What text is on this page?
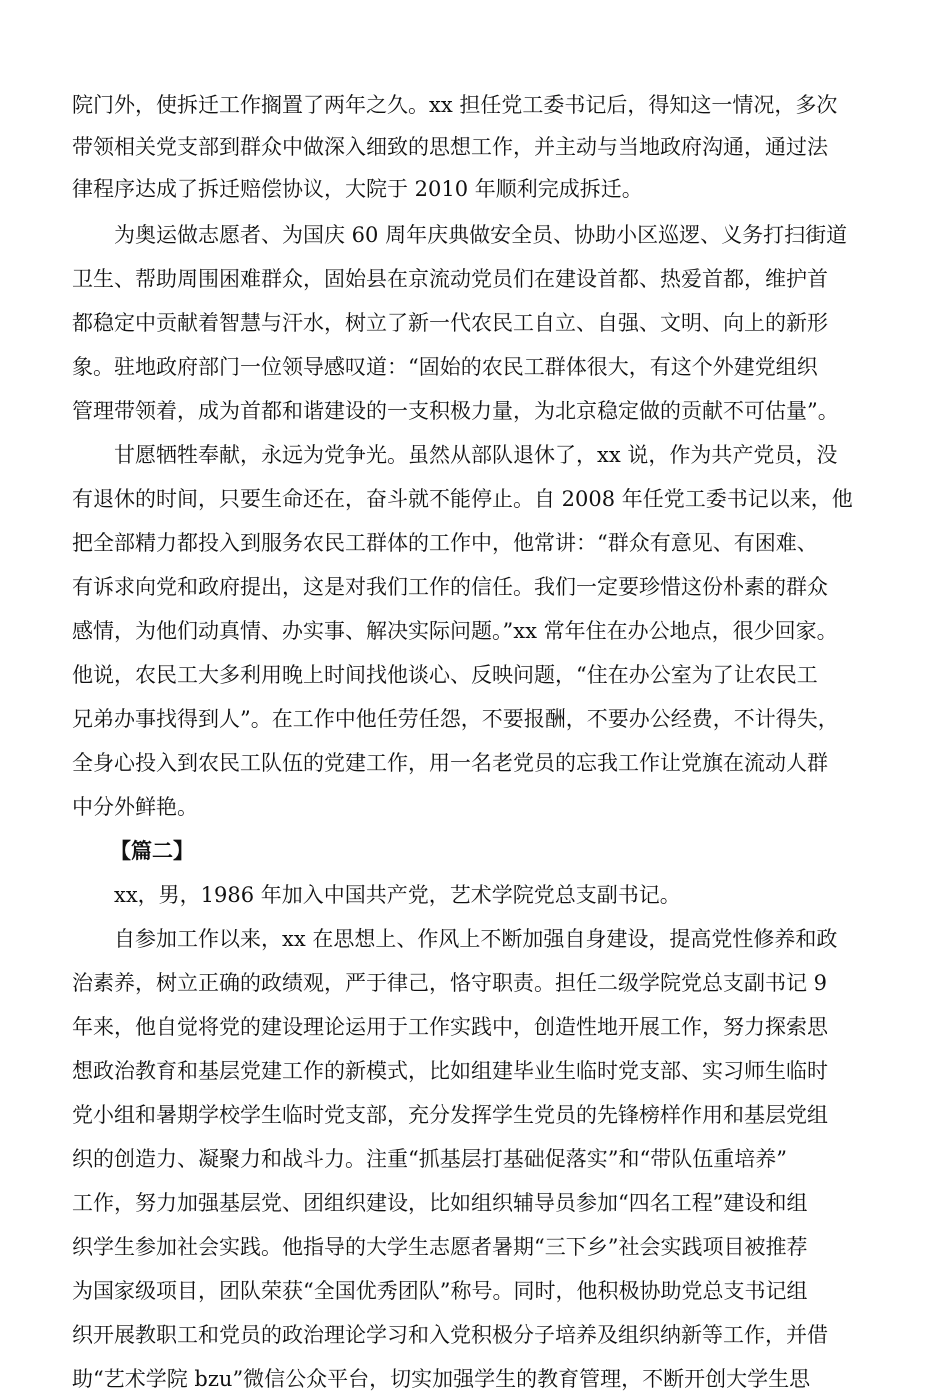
院门外，使拆迁工作搁置了两年之久。xx 担任党工委书记后，得知这一情况，多次
带领相关党支部到群众中做深入细致的思想工作，并主动与当地政府沟通，通过法
律程序达成了拆迁赔偿协议，大院于 2010 年顺利完成拆迁。
为奥运做志愿者、为国庆 60 周年庆典做安全员、协助小区巡逻、义务打扫街道
卫生、帮助周围困难群众，固始县在京流动党员们在建设首都、热爱首都，维护首
都稳定中贡献着智慧与汗水，树立了新一代农民工自立、自强、文明、向上的新形
象。驻地政府部门一位领导感叹道：“固始的农民工群体很大，有这个外建党组织
管理带领着，成为首都和谐建设的一支积极力量，为北京稳定做的贡献不可估量”。
甘愿牺牲奉献，永远为党争光。虽然从部队退休了，xx 说，作为共产党员，没
有退休的时间，只要生命还在，奋斗就不能停止。自 2008 年任党工委书记以来，他
把全部精力都投入到服务农民工群体的工作中，他常讲：“群众有意见、有困难、
有诉求向党和政府提出，这是对我们工作的信任。我们一定要珍惜这份朴素的群众
感情，为他们动真情、办实事、解决实际问题。”xx 常年住在办公地点，很少回家。
他说，农民工大多利用晚上时间找他谈心、反映问题，“住在办公室为了让农民工
兄弟办事找得到人”。在工作中他任劳任怨，不要报酬，不要办公经费，不计得失，
全身心投入到农民工队伍的党建工作，用一名老党员的忘我工作让党旗在流动人群
中分外鲜艳。
【篇二】
xx，男，1986 年加入中国共产党，艺术学院党总支副书记。
自参加工作以来，xx 在思想上、作风上不断加强自身建设，提高党性修养和政
治素养，树立正确的政绩观，严于律己，恪守职责。担任二级学院党总支副书记 9
年来，他自觉将党的建设理论运用于工作实践中，创造性地开展工作，努力探索思
想政治教育和基层党建工作的新模式，比如组建毕业生临时党支部、实习师生临时
党小组和暑期学校学生临时党支部，充分发挥学生党员的先锋榜样作用和基层党组
织的创造力、凝聚力和战斗力。注重“抓基层打基础促落实”和“带队伍重培养”
工作，努力加强基层党、团组织建设，比如组织辅导员参加“四名工程”建设和组
织学生参加社会实践。他指导的大学生志愿者暑期“三下乡”社会实践项目被推荐
为国家级项目，团队荣获“全国优秀团队”称号。同时，他积极协助党总支书记组
织开展教职工和党员的政治理论学习和入党积极分子培养及组织纳新等工作，并借
助“艺术学院 bzu”微信公众平台，切实加强学生的教育管理，不断开创大学生思
